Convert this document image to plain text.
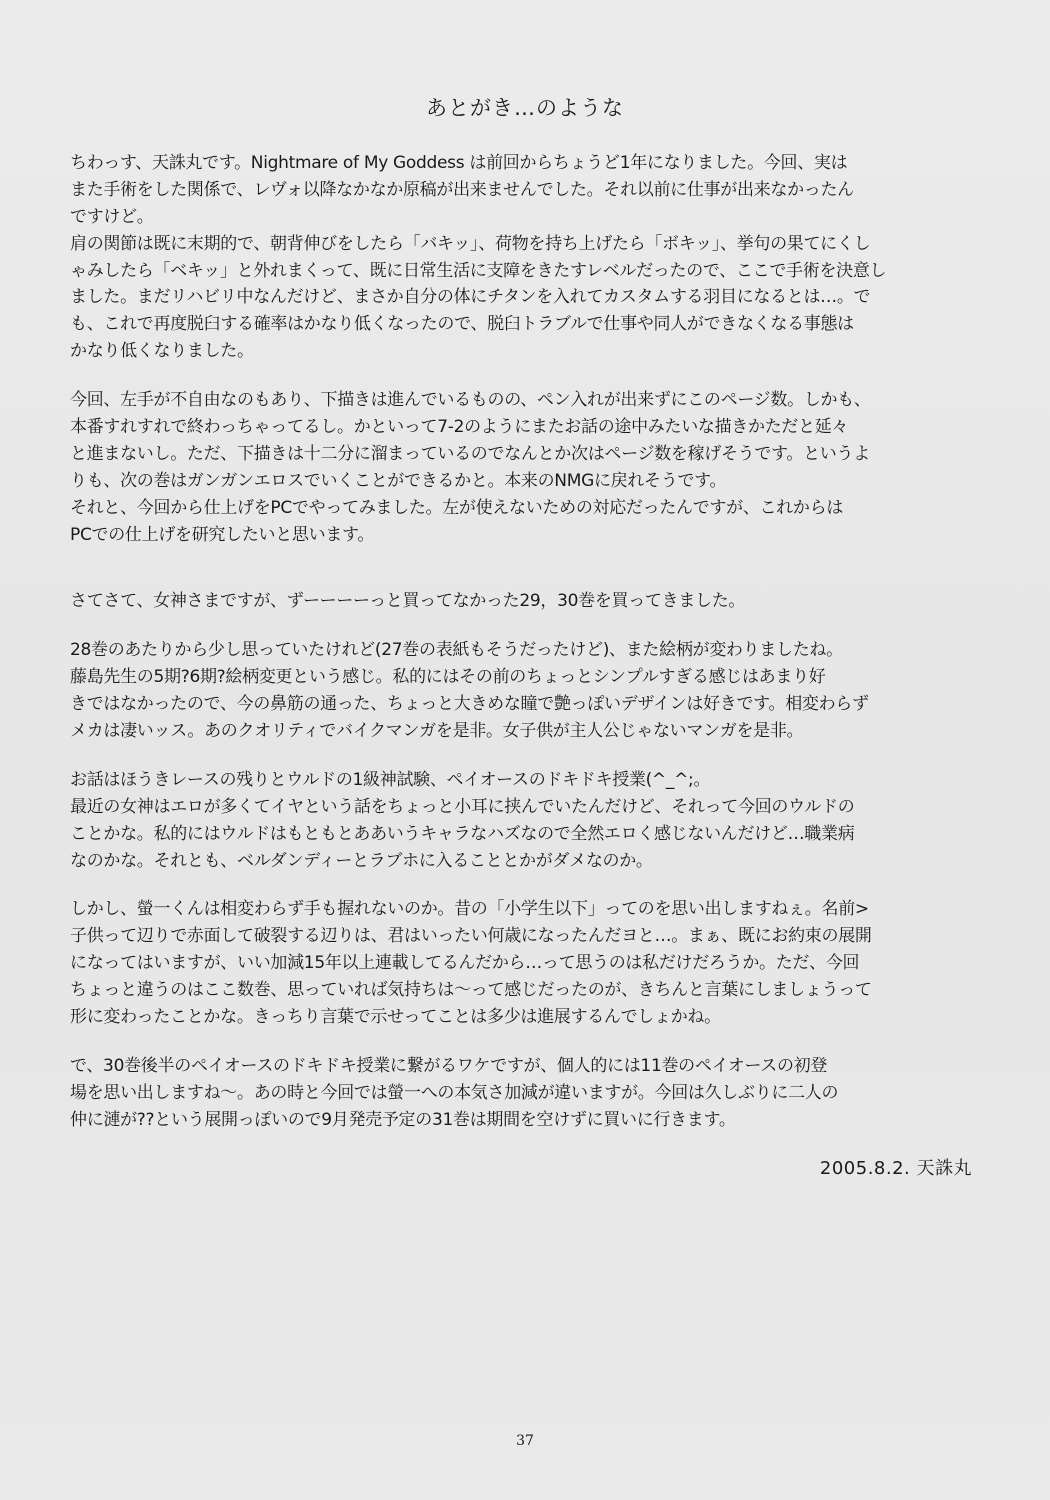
あとがき…のような
ちわっす、天誅丸です。Nightmare of My Goddess は前回からちょうど1年になりました。今回、実は
また手術をした関係で、レヴォ以降なかなか原稿が出来ませんでした。それ以前に仕事が出来なかったん
ですけど。
肩の関節は既に末期的で、朝背伸びをしたら「バキッ」、荷物を持ち上げたら「ボキッ」、挙句の果てにくし
ゃみしたら「ベキッ」と外れまくって、既に日常生活に支障をきたすレベルだったので、ここで手術を決意し
ました。まだリハビリ中なんだけど、まさか自分の体にチタンを入れてカスタムする羽目になるとは…。で
も、これで再度脱臼する確率はかなり低くなったので、脱臼トラブルで仕事や同人ができなくなる事態は
かなり低くなりました。
今回、左手が不自由なのもあり、下描きは進んでいるものの、ペン入れが出来ずにこのページ数。しかも、
本番すれすれで終わっちゃってるし。かといって7-2のようにまたお話の途中みたいな描きかただと延々
と進まないし。ただ、下描きは十二分に溜まっているのでなんとか次はページ数を稼げそうです。というよ
りも、次の巻はガンガンエロスでいくことができるかと。本来のNMGに戻れそうです。
それと、今回から仕上げをPCでやってみました。左が使えないための対応だったんですが、これからは
PCでの仕上げを研究したいと思います。
さてさて、女神さまですが、ずーーーーっと買ってなかった29，30巻を買ってきました。
28巻のあたりから少し思っていたけれど(27巻の表紙もそうだったけど)、また絵柄が変わりましたね。
藤島先生の5期?6期?絵柄変更という感じ。私的にはその前のちょっとシンプルすぎる感じはあまり好
きではなかったので、今の鼻筋の通った、ちょっと大きめな瞳で艶っぽいデザインは好きです。相変わらず
メカは凄いッス。あのクオリティでバイクマンガを是非。女子供が主人公じゃないマンガを是非。
お話はほうきレースの残りとウルドの1級神試験、ペイオースのドキドキ授業(^_^;。
最近の女神はエロが多くてイヤという話をちょっと小耳に挟んでいたんだけど、それって今回のウルドの
ことかな。私的にはウルドはもともとああいうキャラなハズなので全然エロく感じないんだけど…職業病
なのかな。それとも、ベルダンディーとラブホに入ることとかがダメなのか。
しかし、螢一くんは相変わらず手も握れないのか。昔の「小学生以下」ってのを思い出しますねぇ。名前>
子供って辺りで赤面して破裂する辺りは、君はいったい何歳になったんだヨと…。まぁ、既にお約束の展開
になってはいますが、いい加減15年以上連載してるんだから…って思うのは私だけだろうか。ただ、今回
ちょっと違うのはここ数巻、思っていれば気持ちは～って感じだったのが、きちんと言葉にしましょうって
形に変わったことかな。きっちり言葉で示せってことは多少は進展するんでしょかね。
で、30巻後半のペイオースのドキドキ授業に繋がるワケですが、個人的には11巻のペイオースの初登
場を思い出しますね～。あの時と今回では螢一への本気さ加減が違いますが。今回は久しぶりに二人の
仲に漣が??という展開っぽいので9月発売予定の31巻は期間を空けずに買いに行きます。
2005.8.2. 天誅丸
37
